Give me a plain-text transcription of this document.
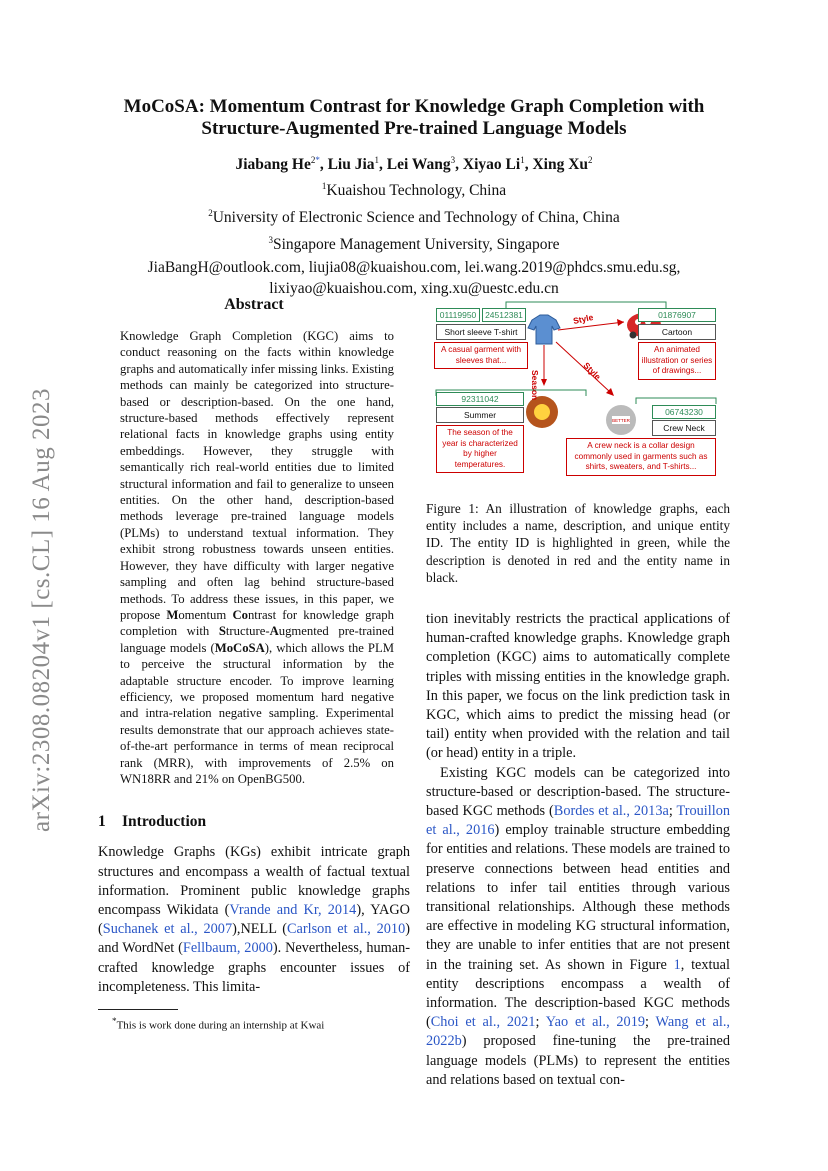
arXiv:2308.08204v1 [cs.CL] 16 Aug 2023
MoCoSA: Momentum Contrast for Knowledge Graph Completion with
Structure-Augmented Pre-trained Language Models
Jiabang $He^{2*}$, Liu Jia$^1$, Lei Wang$^3$, Xiyao Li$^1$, Xing Xu$^2$
$^1$Kuaishou Technology, China
$^2$University of Electronic Science and Technology of China, China
$^3$Singapore Management University, Singapore
JiaBangH@outlook.com, liujia08@kuaishou.com, lei.wang.2019@phdcs.smu.edu.sg,
lixiyao@kuaishou.com, xing.xu@uestc.edu.cn
Abstract
Knowledge Graph Completion (KGC) aims to conduct reasoning on the facts within knowledge graphs and automatically infer missing links. Existing methods can mainly be categorized into structure-based or description-based. On the one hand, structure-based methods effectively represent relational facts in knowledge graphs using entity embeddings. However, they struggle with semantically rich real-world entities due to limited structural information and fail to generalize to unseen entities. On the other hand, description-based methods leverage pre-trained language models (PLMs) to understand textual information. They exhibit strong robustness towards unseen entities. However, they have difficulty with larger negative sampling and often lag behind structure-based methods. To address these issues, in this paper, we propose Momentum Contrast for knowledge graph completion with Structure-Augmented pre-trained language models (MoCoSA), which allows the PLM to perceive the structural information by the adaptable structure encoder. To improve learning efficiency, we proposed momentum hard negative and intra-relation negative sampling. Experimental results demonstrate that our approach achieves state-of-the-art performance in terms of mean reciprocal rank (MRR), with improvements of 2.5% on WN18RR and 21% on OpenBG500.
1 Introduction
Knowledge Graphs (KGs) exhibit intricate graph structures and encompass a wealth of factual textual information. Prominent public knowledge graphs encompass Wikidata (Vrande and Kr, 2014), YAGO (Suchanek et al., 2007),NELL (Carlson et al., 2010) and WordNet (Fellbaum, 2000). Nevertheless, human-crafted knowledge graphs encounter issues of incompleteness. This limita-
*This is work done during an internship at Kwai
BETTER
01119950	24512381
Short sleeve T-shirt
A casual garment with sleeves that...
Style
Season	Style
01876907
Cartoon
An animated illustration or series of drawings...
92311042
Summer
The season of the year is characterized by higher temperatures.
06743230
Crew Neck
A crew neck is a collar design commonly used in garments such as shirts, sweaters, and T-shirts...
Figure 1: An illustration of knowledge graphs, each entity includes a name, description, and unique entity ID. The entity ID is highlighted in green, while the description is denoted in red and the entity name in black.
tion inevitably restricts the practical applications of human-crafted knowledge graphs. Knowledge graph completion (KGC) aims to automatically complete triples with missing entities in the knowledge graph. In this paper, we focus on the link prediction task in KGC, which aims to predict the missing head (or tail) entity when provided with the relation and tail (or head) entity in a triple.
Existing KGC models can be categorized into structure-based or description-based. The structure-based KGC methods (Bordes et al., 2013a; Trouillon et al., 2016) employ trainable structure embedding for entities and relations. These models are trained to preserve connections between head entities and relations to infer tail entities through various transitional relationships. Although these methods are effective in modeling KG structural information, they are unable to infer entities that are not present in the training set. As shown in Figure 1, textual entity descriptions encompass a wealth of information. The description-based KGC methods (Choi et al., 2021; Yao et al., 2019; Wang et al., 2022b) proposed fine-tuning the pre-trained language models (PLMs) to represent the entities and relations based on textual con-
